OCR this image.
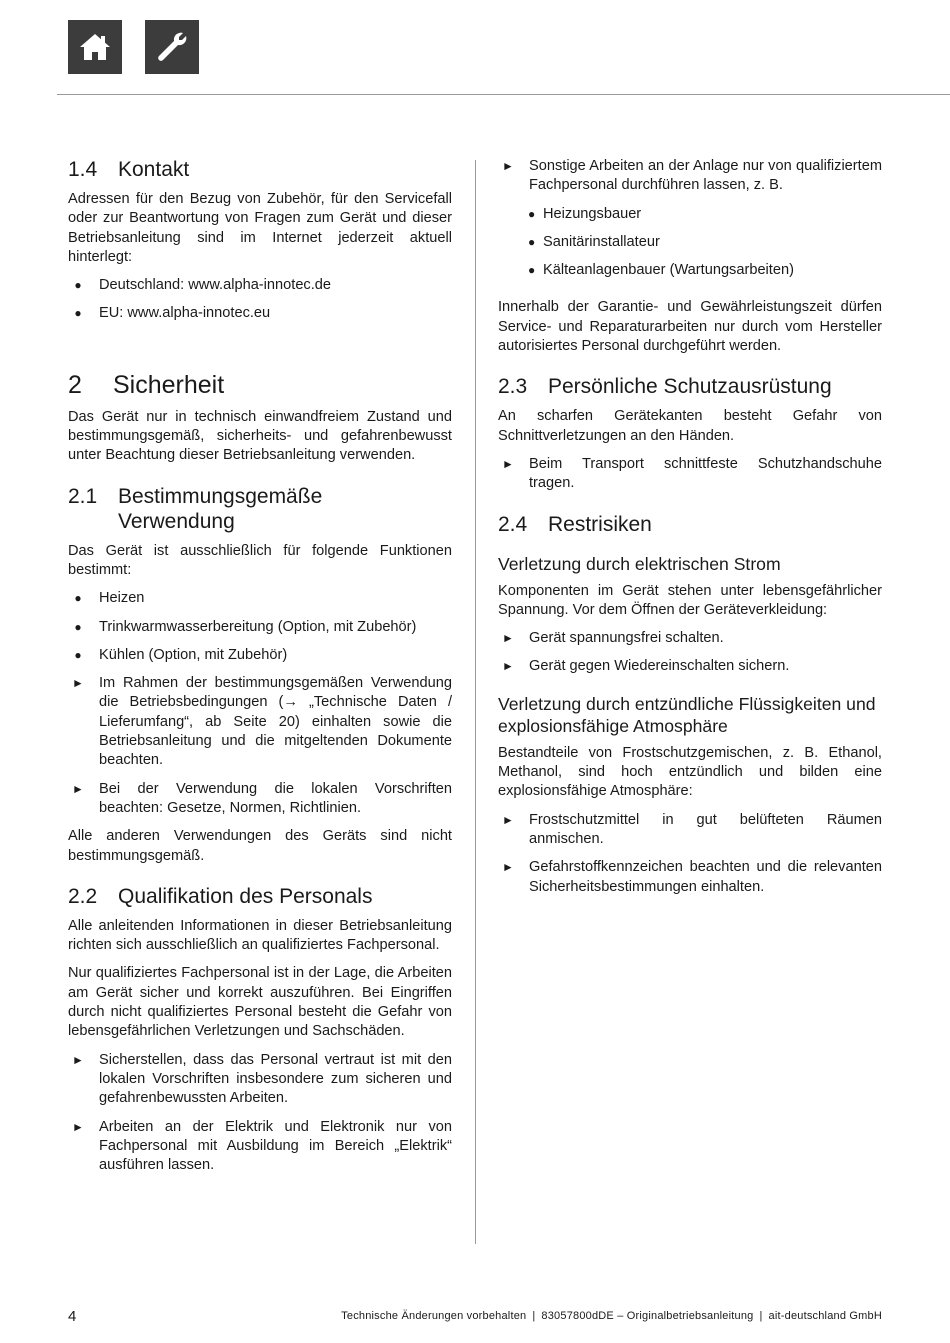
1.4 Kontakt

Adressen für den Bezug von Zubehör, für den Servicefall oder zur Beantwortung von Fragen zum Gerät und dieser Betriebsanleitung sind im Internet jederzeit aktuell hinterlegt:

●	Deutschland: www.alpha-innotec.de
●	EU: www.alpha-innotec.eu
2	Sicherheit

Das Gerät nur in technisch einwandfreiem Zustand und bestimmungsgemäß, sicherheits- und gefahrenbewusst unter Beachtung dieser Betriebsanleitung verwenden.

2.1 Bestimmungsgemäße Verwendung

Das Gerät ist ausschließlich für folgende Funktionen bestimmt:

●	Heizen
●	Trinkwarmwasserbereitung (Option, mit Zubehör)
●	Kühlen (Option, mit Zubehör)
► Im Rahmen der bestimmungsgemäßen Verwendung die Betriebsbedingungen (→ „Technische Daten / Lieferumfang“, ab Seite 20) einhalten sowie die Betriebsanleitung und die mitgeltenden Dokumente beachten.
► Bei der Verwendung die lokalen Vorschriften beachten: Gesetze, Normen, Richtlinien.

Alle anderen Verwendungen des Geräts sind nicht bestimmungsgemäß.

2.2 Qualifikation des Personals

Alle anleitenden Informationen in dieser Betriebsanleitung richten sich ausschließlich an qualifiziertes Fachpersonal.

Nur qualifiziertes Fachpersonal ist in der Lage, die Arbeiten am Gerät sicher und korrekt auszuführen. Bei Eingriffen durch nicht qualifiziertes Personal besteht die Gefahr von lebensgefährlichen Verletzungen und Sachschäden.

► Sicherstellen, dass das Personal vertraut ist mit den lokalen Vorschriften insbesondere zum sicheren und gefahrenbewussten Arbeiten.
► Arbeiten an der Elektrik und Elektronik nur von Fachpersonal mit Ausbildung im Bereich „Elektrik“ ausführen lassen.
► Sonstige Arbeiten an der Anlage nur von qualifiziertem Fachpersonal durchführen lassen, z. B.
● Heizungsbauer
● Sanitärinstallateur
● Kälteanlagenbauer (Wartungsarbeiten)

Innerhalb der Garantie- und Gewährleistungszeit dürfen Service- und Reparaturarbeiten nur durch vom Hersteller autorisiertes Personal durchgeführt werden.

2.3 Persönliche Schutzausrüstung

An scharfen Gerätekanten besteht Gefahr von Schnittverletzungen an den Händen.

► Beim Transport schnittfeste Schutzhandschuhe tragen.
2.4 Restrisiken
Verletzung durch elektrischen Strom

Komponenten im Gerät stehen unter lebensgefährlicher Spannung. Vor dem Öffnen der Geräteverkleidung:

► Gerät spannungsfrei schalten.
► Gerät gegen Wiedereinschalten sichern.
Verletzung durch entzündliche Flüssigkeiten und explosionsfähige Atmosphäre

Bestandteile von Frostschutzgemischen, z. B. Ethanol, Methanol, sind hoch entzündlich und bilden eine explosionsfähige Atmosphäre:

► Frostschutzmittel in gut belüfteten Räumen anmischen.
► Gefahrstoffkennzeichen beachten und die relevanten Sicherheitsbestimmungen einhalten.
4	Technische Änderungen vorbehalten | 83057800dDE – Originalbetriebsanleitung | ait-deutschland GmbH
